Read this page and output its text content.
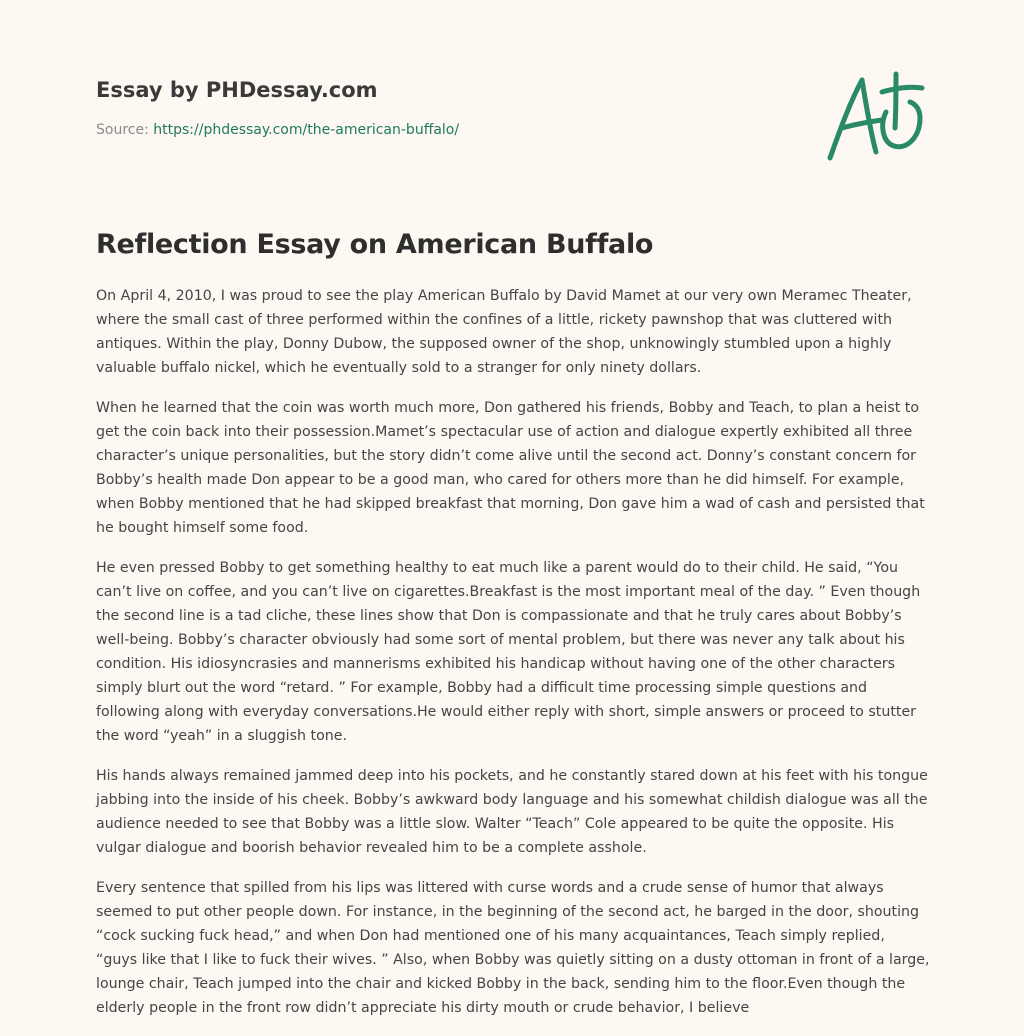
Essay by PHDessay.com
Source: https://phdessay.com/the-american-buffalo/
Reflection Essay on American Buffalo

On April 4, 2010, I was proud to see the play American Buffalo by David Mamet at our very own Meramec Theater, where the small cast of three performed within the confines of a little, rickety pawnshop that was cluttered with antiques. Within the play, Donny Dubow, the supposed owner of the shop, unknowingly stumbled upon a highly valuable buffalo nickel, which he eventually sold to a stranger for only ninety dollars.

When he learned that the coin was worth much more, Don gathered his friends, Bobby and Teach, to plan a heist to get the coin back into their possession.Mamet’s spectacular use of action and dialogue expertly exhibited all three character’s unique personalities, but the story didn’t come alive until the second act. Donny’s constant concern for Bobby’s health made Don appear to be a good man, who cared for others more than he did himself. For example, when Bobby mentioned that he had skipped breakfast that morning, Don gave him a wad of cash and persisted that he bought himself some food.

He even pressed Bobby to get something healthy to eat much like a parent would do to their child. He said, “You can’t live on coffee, and you can’t live on cigarettes.Breakfast is the most important meal of the day. ” Even though the second line is a tad cliche, these lines show that Don is compassionate and that he truly cares about Bobby’s well-being. Bobby’s character obviously had some sort of mental problem, but there was never any talk about his condition. His idiosyncrasies and mannerisms exhibited his handicap without having one of the other characters simply blurt out the word “retard. ” For example, Bobby had a difficult time processing simple questions and following along with everyday conversations.He would either reply with short, simple answers or proceed to stutter the word “yeah” in a sluggish tone.

His hands always remained jammed deep into his pockets, and he constantly stared down at his feet with his tongue jabbing into the inside of his cheek. Bobby’s awkward body language and his somewhat childish dialogue was all the audience needed to see that Bobby was a little slow. Walter “Teach” Cole appeared to be quite the opposite. His vulgar dialogue and boorish behavior revealed him to be a complete asshole.

Every sentence that spilled from his lips was littered with curse words and a crude sense of humor that always seemed to put other people down. For instance, in the beginning of the second act, he barged in the door, shouting “cock sucking fuck head,” and when Don had mentioned one of his many acquaintances, Teach simply replied, “guys like that I like to fuck their wives. ” Also, when Bobby was quietly sitting on a dusty ottoman in front of a large, lounge chair, Teach jumped into the chair and kicked Bobby in the back, sending him to the floor.Even though the elderly people in the front row didn’t appreciate his dirty mouth or crude behavior, I believe
